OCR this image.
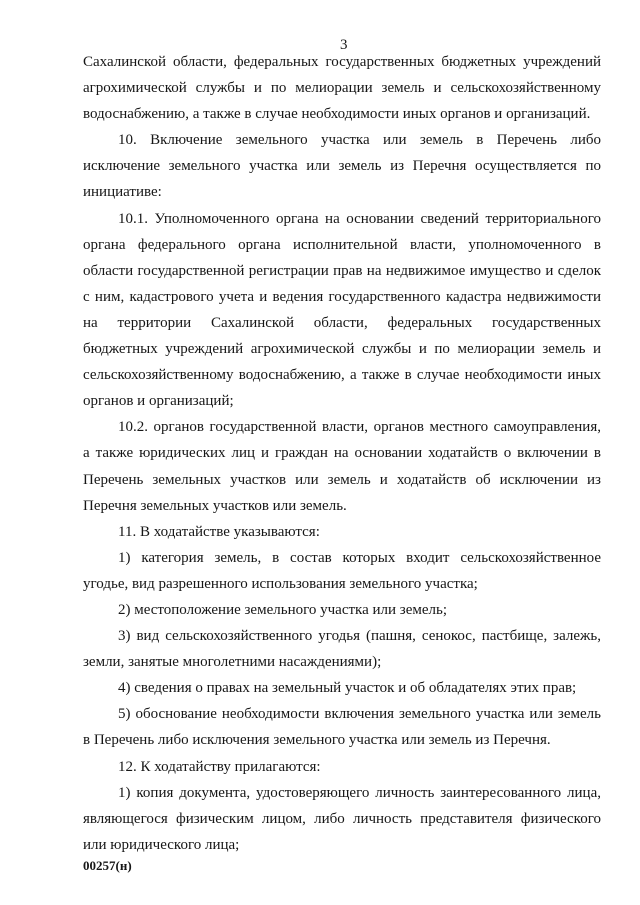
3
Сахалинской области, федеральных государственных бюджетных учреждений
агрохимической службы и по мелиорации земель и сельскохозяйственному
водоснабжению, а также в случае необходимости иных органов и организаций.
10. Включение земельного участка или земель в Перечень либо
исключение земельного участка или земель из Перечня осуществляется по
инициативе:
10.1. Уполномоченного органа на основании сведений территориального
органа федерального органа исполнительной власти, уполномоченного в
области государственной регистрации прав на недвижимое имущество и сделок
с ним, кадастрового учета и ведения государственного кадастра недвижимости
на территории Сахалинской области, федеральных государственных
бюджетных учреждений агрохимической службы и по мелиорации земель и
сельскохозяйственному водоснабжению, а также в случае необходимости иных
органов и организаций;
10.2. органов государственной власти, органов местного самоуправления,
а также юридических лиц и граждан на основании ходатайств о включении в
Перечень земельных участков или земель и ходатайств об исключении из
Перечня земельных участков или земель.
11. В ходатайстве указываются:
1) категория земель, в состав которых входит сельскохозяйственное
угодье, вид разрешенного использования земельного участка;
2) местоположение земельного участка или земель;
3) вид сельскохозяйственного угодья (пашня, сенокос, пастбище, залежь,
земли, занятые многолетними насаждениями);
4) сведения о правах на земельный участок и об обладателях этих прав;
5) обоснование необходимости включения земельного участка или земель
в Перечень либо исключения земельного участка или земель из Перечня.
12. К ходатайству прилагаются:
1) копия документа, удостоверяющего личность заинтересованного лица,
являющегося физическим лицом, либо личность представителя физического
или юридического лица;
00257(н)
